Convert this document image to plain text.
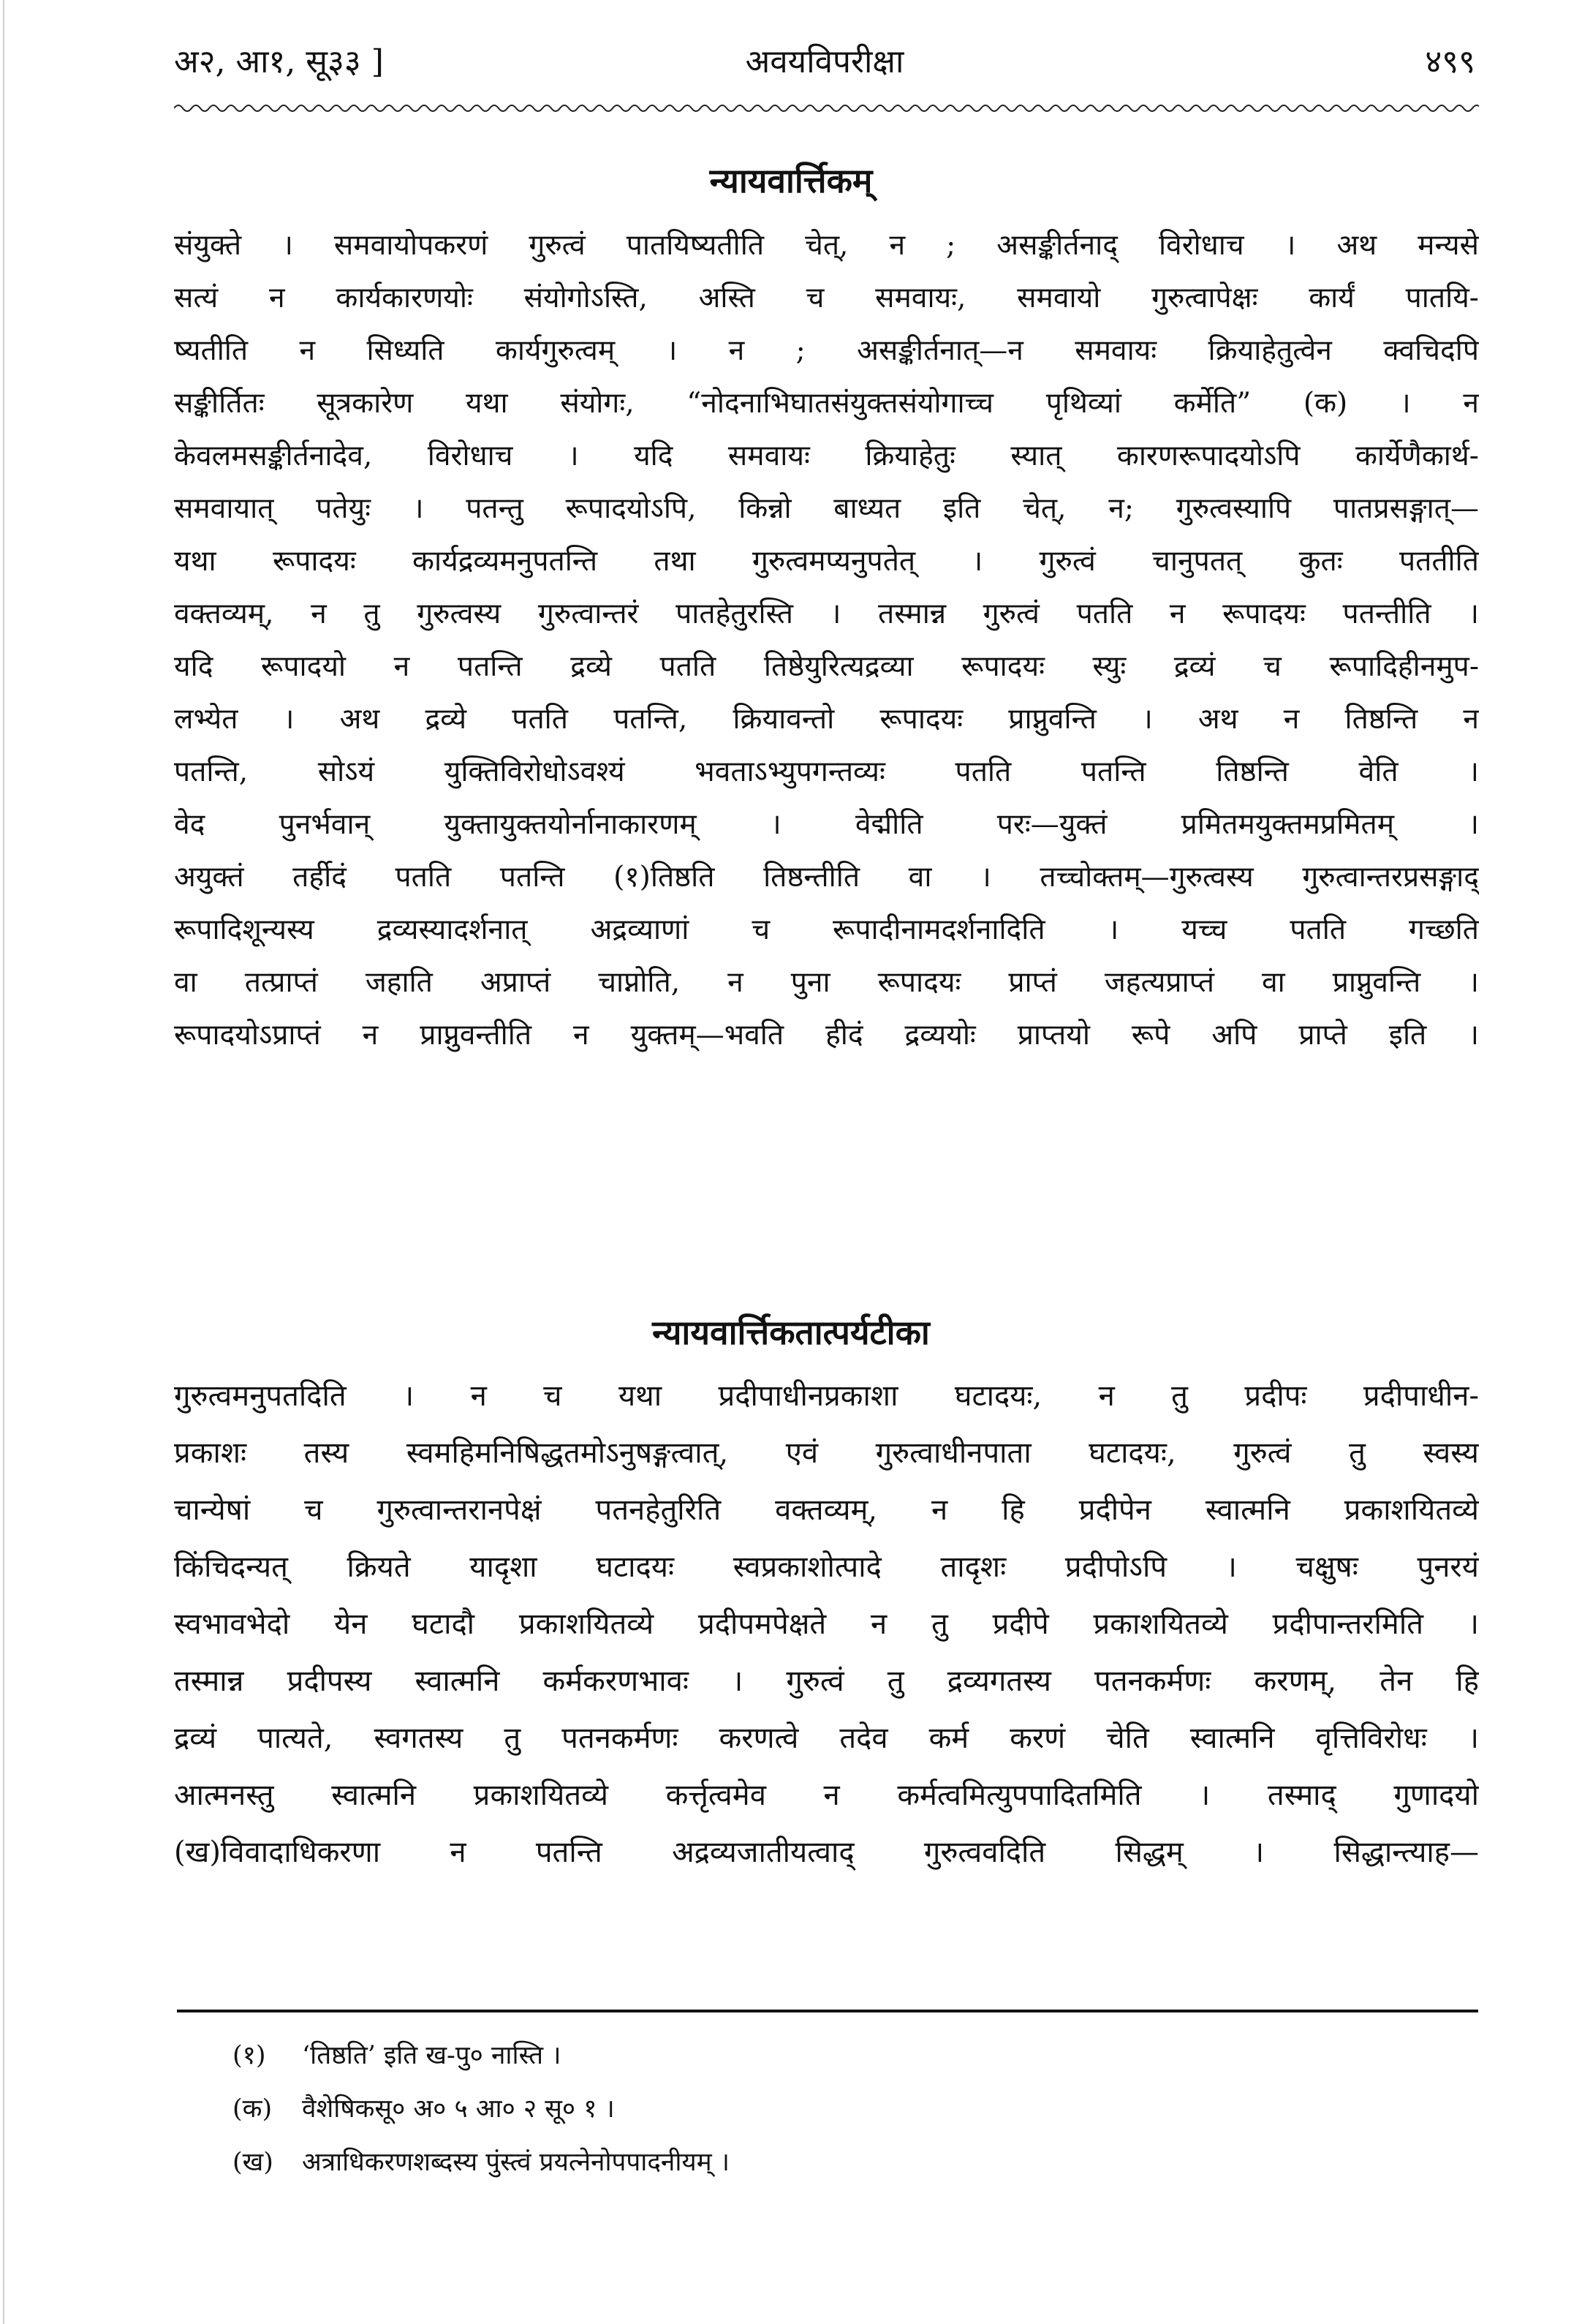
अ२, आ१, सू३३ ]	अवयविपरीक्षा	४९९
न्यायवार्त्तिकम्
संयुक्ते । समवायोपकरणं गुरुत्वं पातयिष्यतीति चेत्, न ; असङ्कीर्तनाद् विरोधाच । अथ मन्यसे
सत्यं न कार्यकारणयोः संयोगोऽस्ति, अस्ति च समवायः, समवायो गुरुत्वापेक्षः कार्यं पातयि-
ष्यतीति न सिध्यति कार्यगुरुत्वम् । न ; असङ्कीर्तनात्—न समवायः क्रियाहेतुत्वेन क्वचिदपि
सङ्कीर्तितः सूत्रकारेण यथा संयोगः, “नोदनाभिघातसंयुक्तसंयोगाच्च पृथिव्यां कर्मेति” (क) । न
केवलमसङ्कीर्तनादेव, विरोधाच । यदि समवायः क्रियाहेतुः स्यात् कारणरूपादयोऽपि कार्येणैकार्थ-
समवायात् पतेयुः । पतन्तु रूपादयोऽपि, किन्नो बाध्यत इति चेत्, न; गुरुत्वस्यापि पातप्रसङ्गात्—
यथा रूपादयः कार्यद्रव्यमनुपतन्ति तथा गुरुत्वमप्यनुपतेत् । गुरुत्वं चानुपतत् कुतः पततीति
वक्तव्यम्, न तु गुरुत्वस्य गुरुत्वान्तरं पातहेतुरस्ति । तस्मान्न गुरुत्वं पतति न रूपादयः पतन्तीति ।
यदि रूपादयो न पतन्ति द्रव्ये पतति तिष्ठेयुरित्यद्रव्या रूपादयः स्युः द्रव्यं च रूपादिहीनमुप-
लभ्येत । अथ द्रव्ये पतति पतन्ति, क्रियावन्तो रूपादयः प्राप्नुवन्ति । अथ न तिष्ठन्ति न
पतन्ति, सोऽयं युक्तिविरोधोऽवश्यं भवताऽभ्युपगन्तव्यः पतति पतन्ति तिष्ठन्ति वेति ।
वेद पुनर्भवान् युक्तायुक्तयोर्नानाकारणम् । वेद्मीति परः—युक्तं प्रमितमयुक्तमप्रमितम् ।
अयुक्तं तर्हीदं पतति पतन्ति (१)तिष्ठति तिष्ठन्तीति वा । तच्चोक्तम्—गुरुत्वस्य गुरुत्वान्तरप्रसङ्गाद्
रूपादिशून्यस्य द्रव्यस्यादर्शनात् अद्रव्याणां च रूपादीनामदर्शनादिति । यच्च पतति गच्छति
वा तत्प्राप्तं जहाति अप्राप्तं चाप्नोति, न पुना रूपादयः प्राप्तं जहत्यप्राप्तं वा प्राप्नुवन्ति ।
रूपादयोऽप्राप्तं न प्राप्नुवन्तीति न युक्तम्—भवति हीदं द्रव्ययोः प्राप्तयो रूपे अपि प्राप्ते इति ।
न्यायवार्त्तिकतात्पर्यटीका
गुरुत्वमनुपतदिति । न च यथा प्रदीपाधीनप्रकाशा घटादयः, न तु प्रदीपः प्रदीपाधीन-
प्रकाशः तस्य स्वमहिमनिषिद्धतमोऽनुषङ्गत्वात्, एवं गुरुत्वाधीनपाता घटादयः, गुरुत्वं तु स्वस्य
चान्येषां च गुरुत्वान्तरानपेक्षं पतनहेतुरिति वक्तव्यम्, न हि प्रदीपेन स्वात्मनि प्रकाशयितव्ये
किंचिदन्यत् क्रियते यादृशा घटादयः स्वप्रकाशोत्पादे तादृशः प्रदीपोऽपि । चक्षुषः पुनरयं
स्वभावभेदो येन घटादौ प्रकाशयितव्ये प्रदीपमपेक्षते न तु प्रदीपे प्रकाशयितव्ये प्रदीपान्तरमिति ।
तस्मान्न प्रदीपस्य स्वात्मनि कर्मकरणभावः । गुरुत्वं तु द्रव्यगतस्य पतनकर्मणः करणम्, तेन हि
द्रव्यं पात्यते, स्वगतस्य तु पतनकर्मणः करणत्वे तदेव कर्म करणं चेति स्वात्मनि वृत्तिविरोधः ।
आत्मनस्तु स्वात्मनि प्रकाशयितव्ये कर्त्तृत्वमेव न कर्मत्वमित्युपपादितमिति । तस्माद् गुणादयो
(ख)विवादाधिकरणा न पतन्ति अद्रव्यजातीयत्वाद् गुरुत्ववदिति सिद्धम् । सिद्धान्त्याह—
(१) ‘तिष्ठति’ इति ख-पु० नास्ति ।
(क) वैशेषिकसू० अ० ५ आ० २ सू० १ ।
(ख) अत्राधिकरणशब्दस्य पुंस्त्वं प्रयत्नेनोपपादनीयम् ।
